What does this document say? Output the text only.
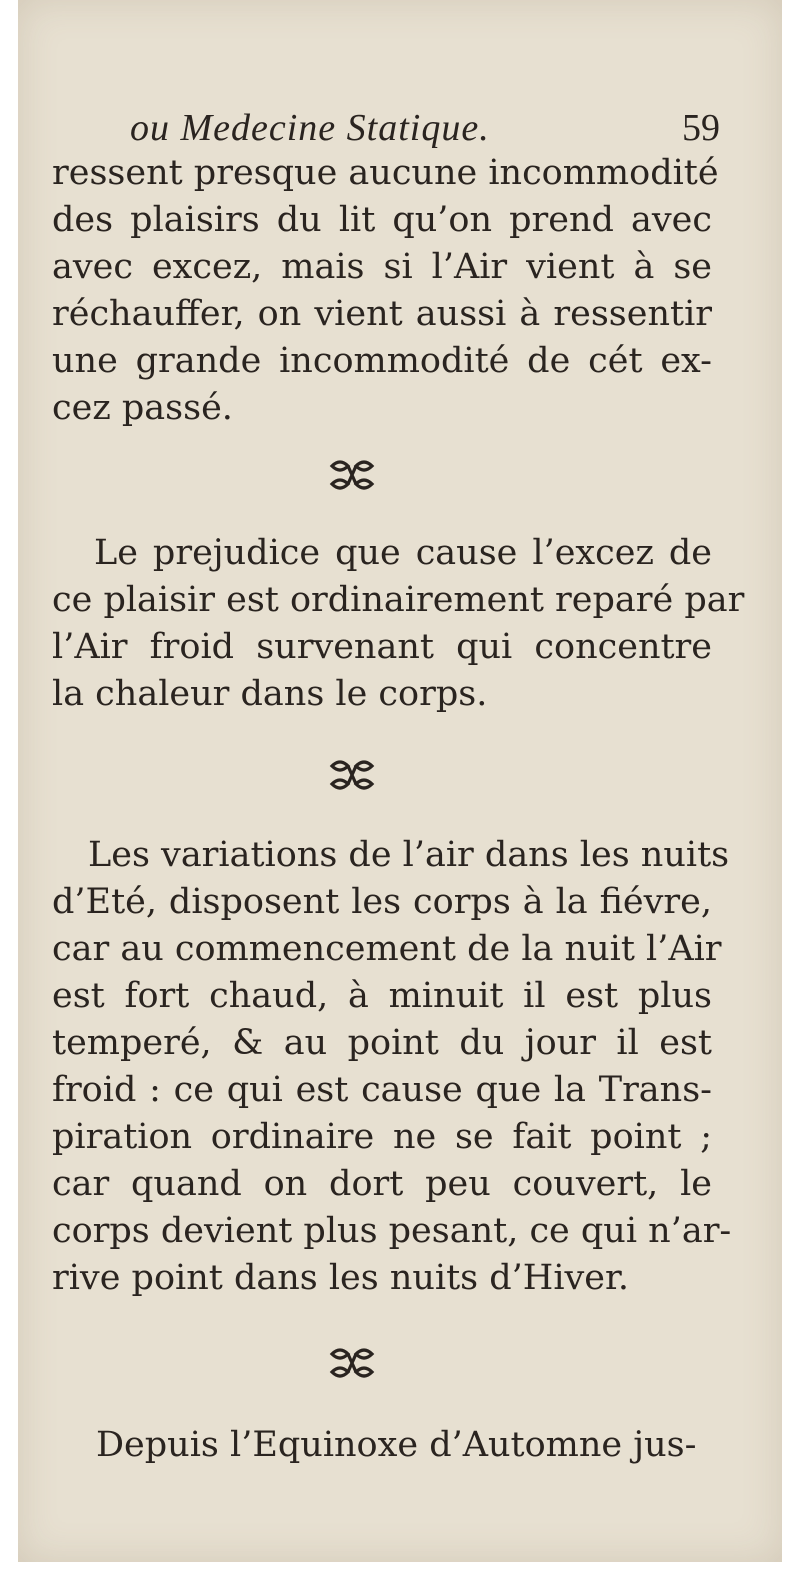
ou Medecine Statique.	59
ressent presque aucune incommodité
des plaisirs du lit qu’on prend avec
avec excez, mais si l’Air vient à se
réchauffer, on vient aussi à ressentir
une grande incommodité de cét ex-
cez passé.
Le prejudice que cause l’excez de
ce plaisir est ordinairement reparé par
l’Air froid survenant qui concentre
la chaleur dans le corps.
Les variations de l’air dans les nuits
d’Eté, disposent les corps à la fiévre,
car au commencement de la nuit l’Air
est fort chaud, à minuit il est plus
temperé, & au point du jour il est
froid : ce qui est cause que la Trans-
piration ordinaire ne se fait point ;
car quand on dort peu couvert, le
corps devient plus pesant, ce qui n’ar-
rive point dans les nuits d’Hiver.
Depuis l’Equinoxe d’Automne jus-
